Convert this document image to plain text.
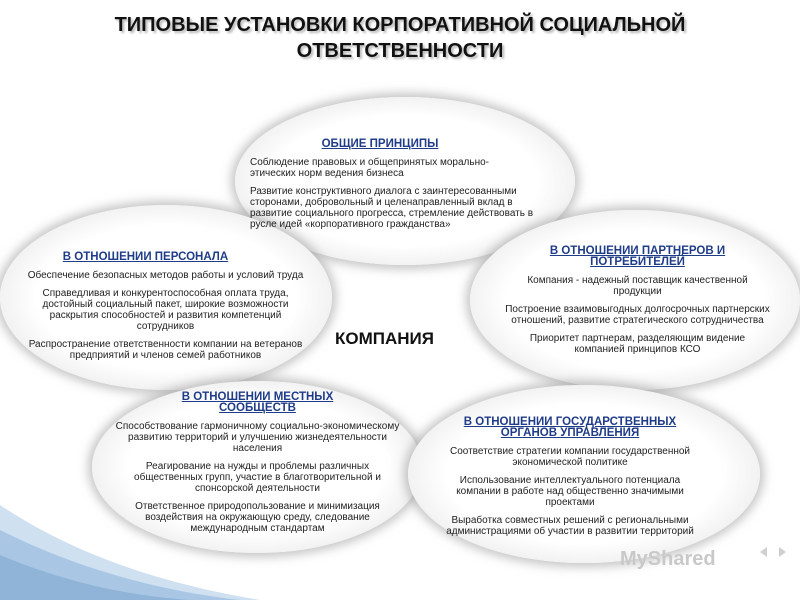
ТИПОВЫЕ УСТАНОВКИ КОРПОРАТИВНОЙ СОЦИАЛЬНОЙ
ОТВЕТСТВЕННОСТИ
ОБЩИЕ ПРИНЦИПЫ
Соблюдение правовых и общепринятых морально-этических норм ведения бизнеса
Развитие конструктивного диалога с заинтересованными сторонами, добровольный и целенаправленный вклад в развитие социального прогресса, стремление действовать в русле идей «корпоративного гражданства»
В ОТНОШЕНИИ ПЕРСОНАЛА
Обеспечение безопасных методов работы и условий труда
Справедливая и конкурентоспособная оплата труда, достойный социальный пакет, широкие возможности раскрытия способностей и развития компетенций сотрудников
Распространение ответственности компании на ветеранов предприятий и членов семей работников
В ОТНОШЕНИИ ПАРТНЕРОВ И ПОТРЕБИТЕЛЕЙ
Компания - надежный поставщик качественной продукции
Построение взаимовыгодных долгосрочных партнерских отношений, развитие стратегического сотрудничества
Приоритет партнерам, разделяющим видение компанией принципов КСО
КОМПАНИЯ
В ОТНОШЕНИИ МЕСТНЫХ СООБЩЕСТВ
Способствование гармоничному социально-экономическому развитию территорий и улучшению жизнедеятельности населения
Реагирование на нужды и проблемы различных общественных групп, участие в благотворительной и спонсорской деятельности
Ответственное природопользование и минимизация воздействия на окружающую среду, следование международным стандартам
В ОТНОШЕНИИ ГОСУДАРСТВЕННЫХ ОРГАНОВ УПРАВЛЕНИЯ
Соответствие стратегии компании государственной экономической политике
Использование интеллектуального потенциала компании в работе над общественно значимыми проектами
Выработка совместных решений с региональными администрациями об участии в развитии территорий
MyShared
